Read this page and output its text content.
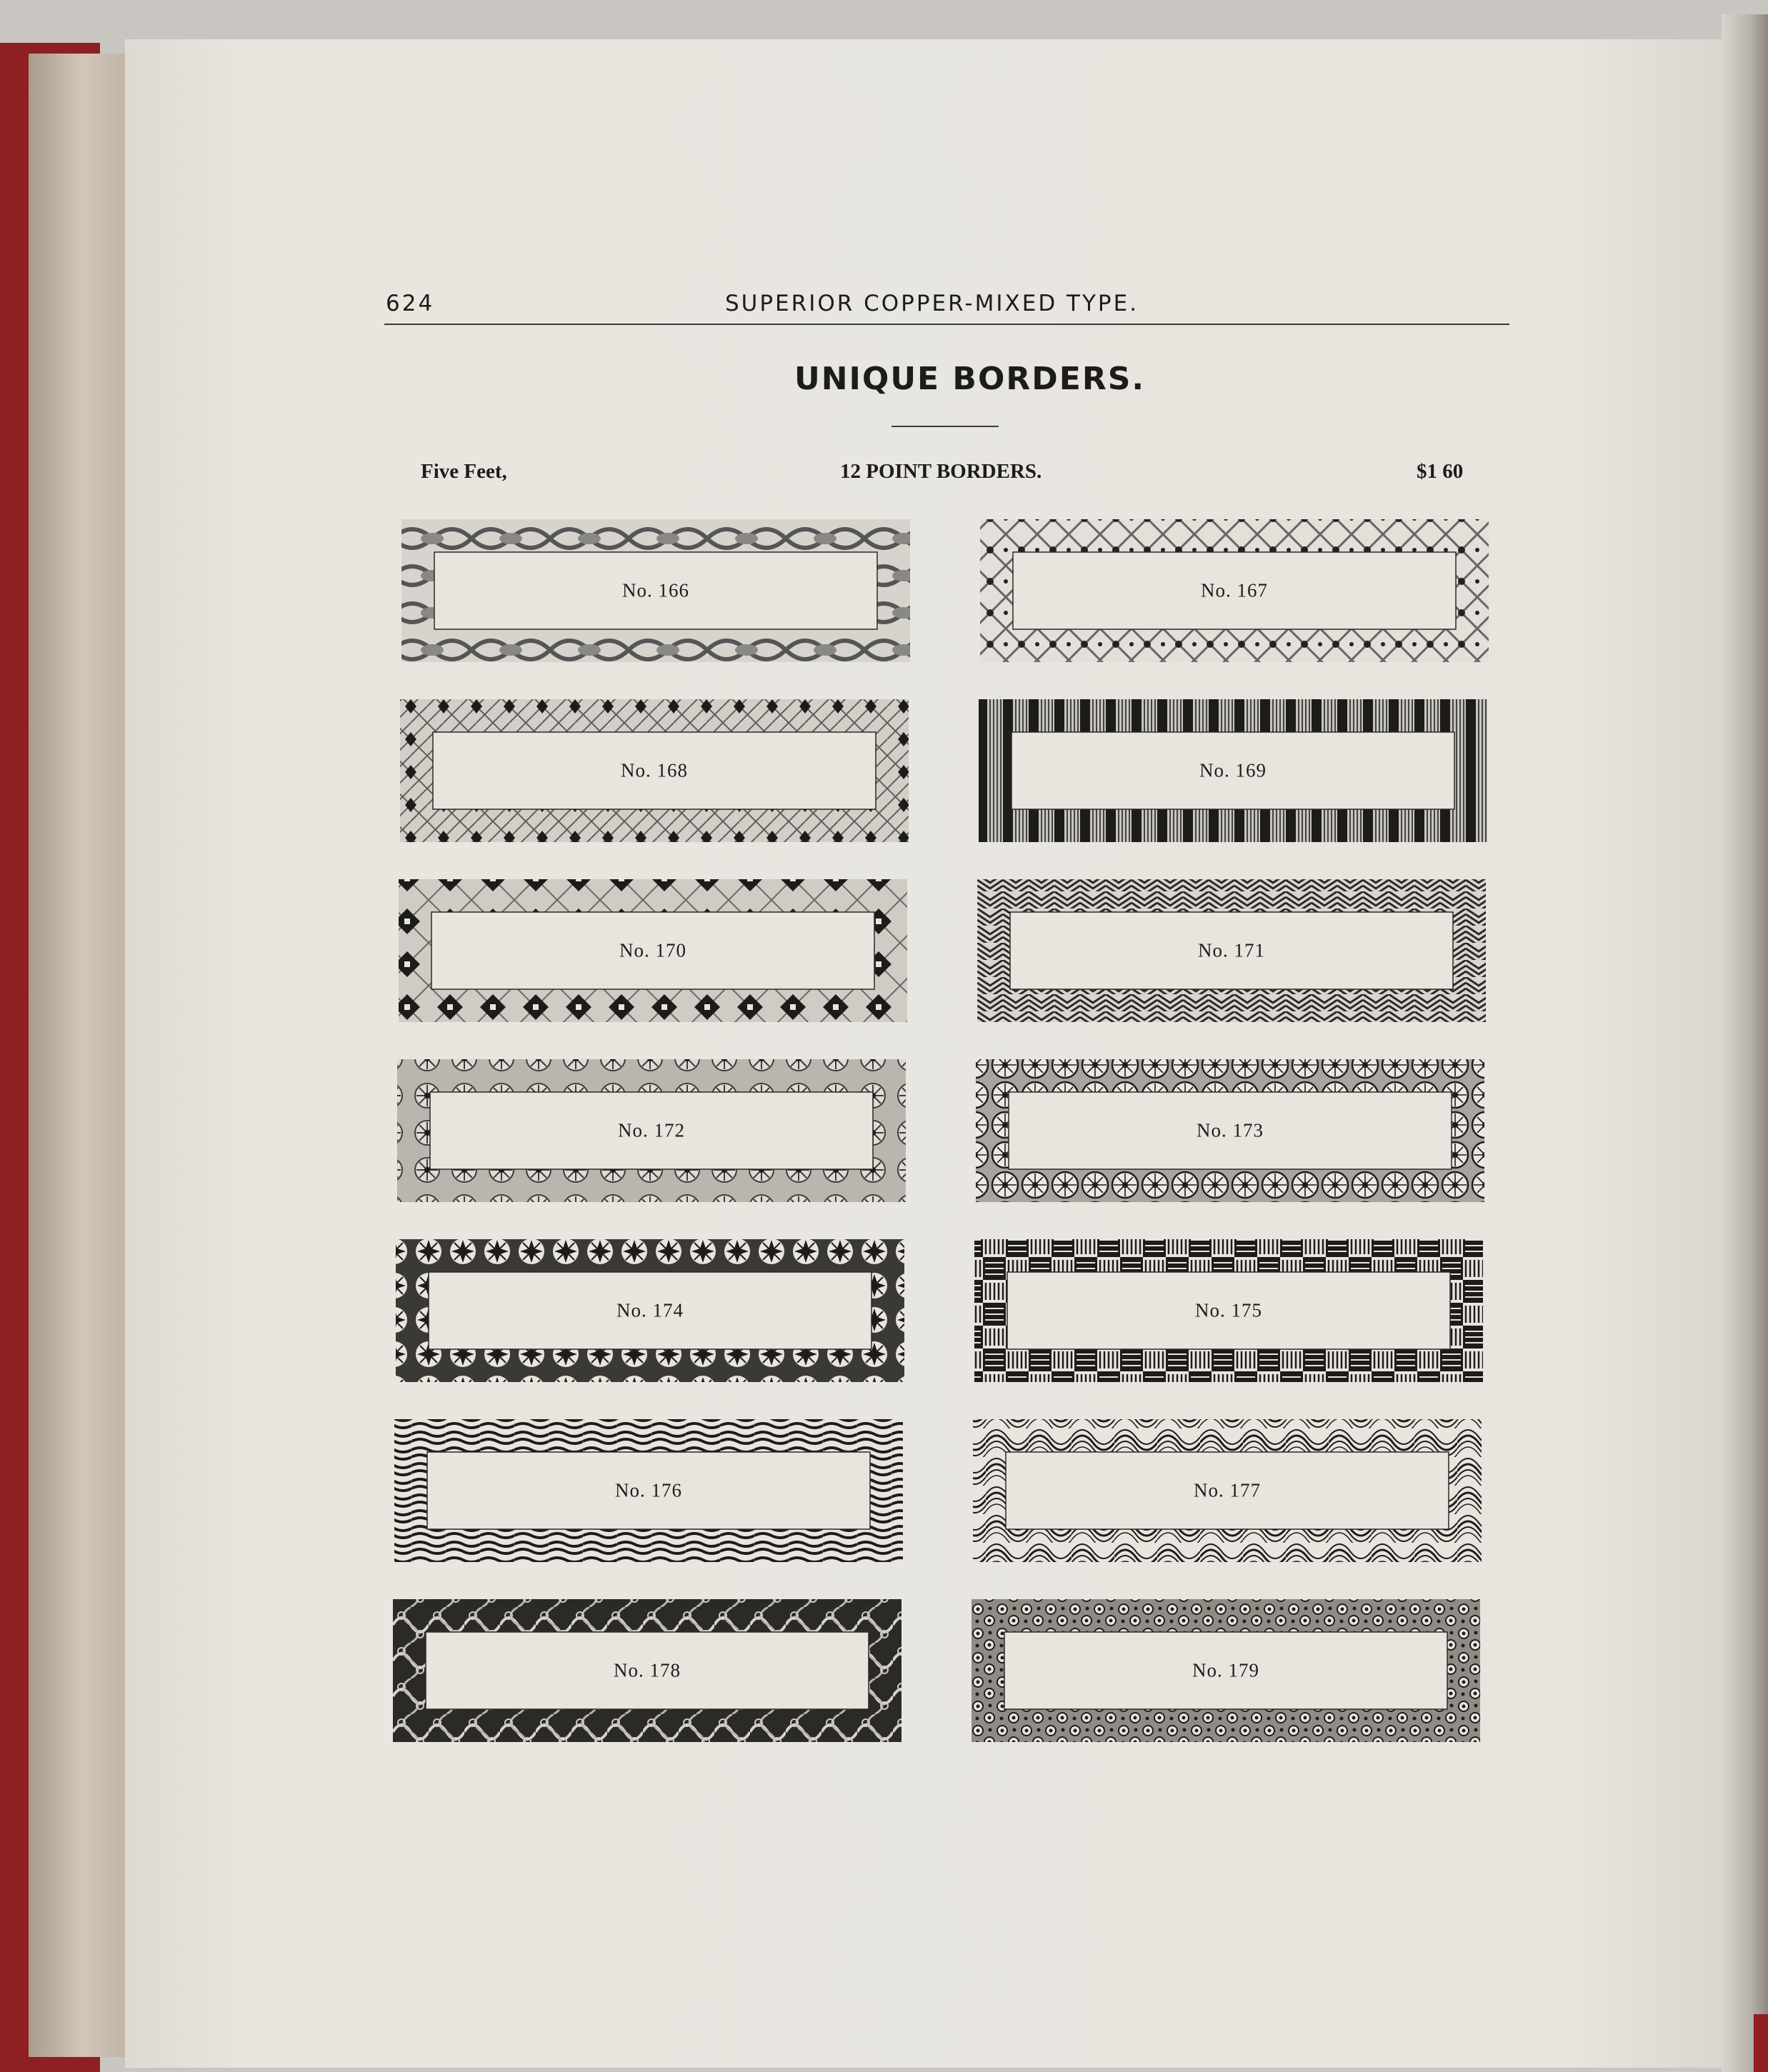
624	SUPERIOR COPPER-MIXED TYPE.
UNIQUE BORDERS.
Five Feet,	12 POINT BORDERS.	$1 60
No. 166	No. 167
No. 168	No. 169
No. 170	No. 171
No. 172	No. 173
No. 174	No. 175
No. 176	No. 177
No. 178	No. 179
